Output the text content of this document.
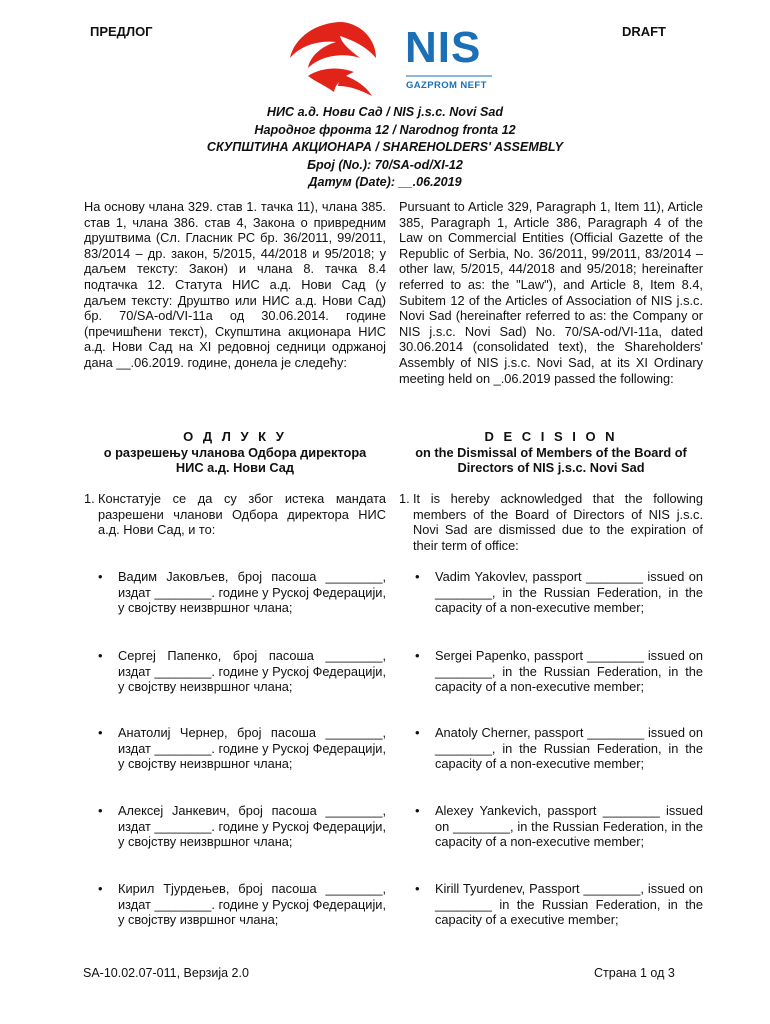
ПРЕДЛОГ	DRAFT
NIS
GAZPROM NEFT
НИС а.д. Нови Сад / NIS j.s.c. Novi Sad
Народног фронта 12 / Narodnog fronta 12
СКУПШТИНА АКЦИОНАРА / SHAREHOLDERS' ASSEMBLY
Број (No.): 70/SA-od/XI-12
Датум (Date): __.06.2019
На основу члана 329. став 1. тачка 11), члана 385. став 1, члана 386. став 4, Закона о привредним друштвима (Сл. Гласник РС бр. 36/2011, 99/2011, 83/2014 – др. закон, 5/2015, 44/2018 и 95/2018; у даљем тексту: Закон) и члана 8. тачка 8.4 подтачка 12. Статута НИС а.д. Нови Сад (у даљем тексту: Друштво или НИС а.д. Нови Сад) бр. 70/SA-od/VI-11а од 30.06.2014. године (пречишћени текст), Скупштина акционара НИС а.д. Нови Сад на XI редовној седници одржаној дана __.06.2019. године, донела је следећу:
Pursuant to Article 329, Paragraph 1, Item 11), Article 385, Paragraph 1, Article 386, Paragraph 4 of the Law on Commercial Entities (Official Gazette of the Republic of Serbia, No. 36/2011, 99/2011, 83/2014 – other law, 5/2015, 44/2018 and 95/2018; hereinafter referred to as: the "Law"), and Article 8, Item 8.4, Subitem 12 of the Articles of Association of NIS j.s.c. Novi Sad (hereinafter referred to as: the Company or NIS j.s.c. Novi Sad) No. 70/SA-od/VI-11a, dated 30.06.2014 (consolidated text), the Shareholders' Assembly of NIS j.s.c. Novi Sad, at its XI Ordinary meeting held on _.06.2019 passed the following:
О Д Л У К У
о разрешењу чланова Одбора директора
НИС а.д. Нови Сад
D E C I S I O N
on the Dismissal of Members of the Board of
Directors of NIS j.s.c. Novi Sad
1. Констатује се да су због истека мандата разрешени чланови Одбора директора НИС а.д. Нови Сад, и то:
1. It is hereby acknowledged that the following members of the Board of Directors of NIS j.s.c. Novi Sad are dismissed due to the expiration of their term of office:
• Вадим Јаковљев, број пасоша ________, издат ________. године у Руској Федерацији, у својству неизвршног члана;
• Сергеј Папенко, број пасоша ________, издат ________. године у Руској Федерацији, у својству неизвршног члана;
• Анатолиј Чернер, број пасоша ________, издат ________. године у Руској Федерацији, у својству неизвршног члана;
• Алексеј Јанкевич, број пасоша ________, издат ________. године у Руској Федерацији, у својству неизвршног члана;
• Кирил Тјурдењев, број пасоша ________, издат ________. године у Руској Федерацији, у својству извршног члана;
• Vadim Yakovlev, passport ________ issued on ________, in the Russian Federation, in the capacity of a non-executive member;
• Sergei Papenko, passport ________ issued on ________, in the Russian Federation, in the capacity of a non-executive member;
• Anatoly Cherner, passport ________ issued on ________, in the Russian Federation, in the capacity of a non-executive member;
• Alexey Yankevich, passport ________ issued on ________, in the Russian Federation, in the capacity of a non-executive member;
• Kirill Tyurdenev, Passport ________, issued on ________ in the Russian Federation, in the capacity of a executive member;
SA-10.02.07-011, Верзија 2.0	Страна 1 од 3
